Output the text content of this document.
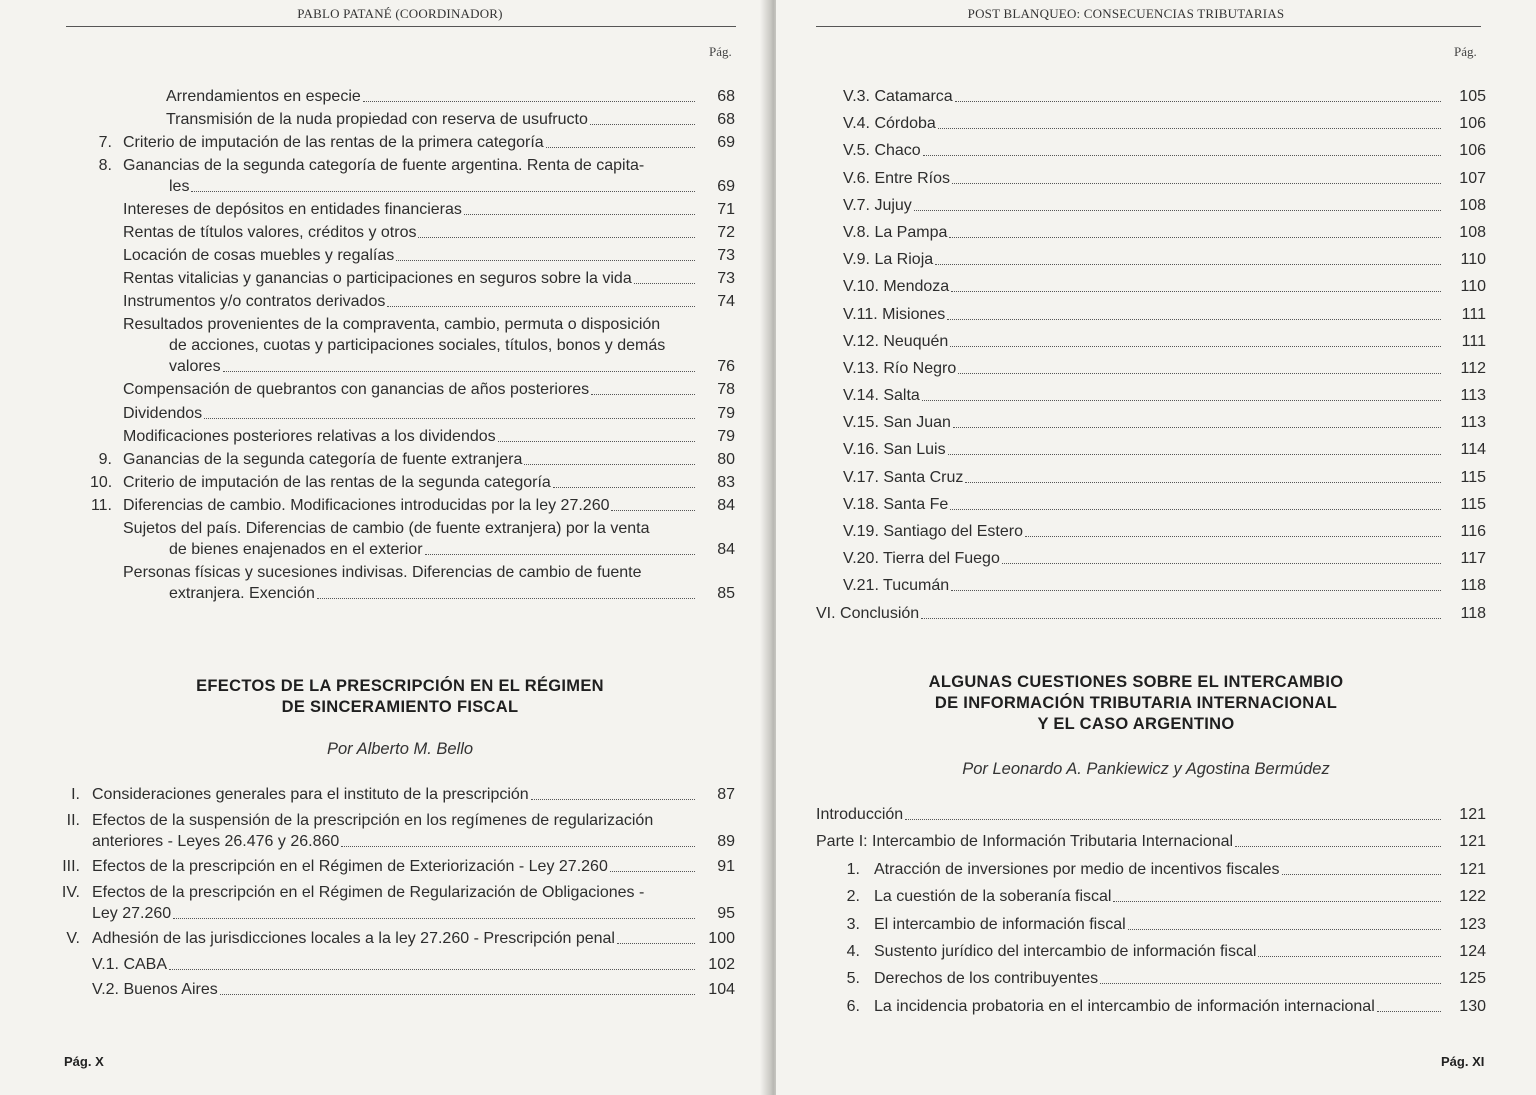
PABLO PATANÉ (COORDINADOR)
Pág.
Arrendamientos en especie	68
Transmisión de la nuda propiedad con reserva de usufructo	68
7. Criterio de imputación de las rentas de la primera categoría	69
8. Ganancias de la segunda categoría de fuente argentina. Renta de capita-
les	69
Intereses de depósitos en entidades financieras	71
Rentas de títulos valores, créditos y otros	72
Locación de cosas muebles y regalías	73
Rentas vitalicias y ganancias o participaciones en seguros sobre la vida	73
Instrumentos y/o contratos derivados	74
Resultados provenientes de la compraventa, cambio, permuta o disposición
de acciones, cuotas y participaciones sociales, títulos, bonos y demás
valores	76
Compensación de quebrantos con ganancias de años posteriores	78
Dividendos	79
Modificaciones posteriores relativas a los dividendos	79
9. Ganancias de la segunda categoría de fuente extranjera	80
10. Criterio de imputación de las rentas de la segunda categoría	83
11. Diferencias de cambio. Modificaciones introducidas por la ley 27.260	84
Sujetos del país. Diferencias de cambio (de fuente extranjera) por la venta
de bienes enajenados en el exterior	84
Personas físicas y sucesiones indivisas. Diferencias de cambio de fuente
extranjera. Exención	85
EFECTOS DE LA PRESCRIPCIÓN EN EL RÉGIMEN
DE SINCERAMIENTO FISCAL
Por Alberto M. Bello
I. Consideraciones generales para el instituto de la prescripción	87
II. Efectos de la suspensión de la prescripción en los regímenes de regularización
anteriores - Leyes 26.476 y 26.860	89
III. Efectos de la prescripción en el Régimen de Exteriorización - Ley 27.260	91
IV. Efectos de la prescripción en el Régimen de Regularización de Obligaciones -
Ley 27.260	95
V. Adhesión de las jurisdicciones locales a la ley 27.260 - Prescripción penal	100
V.1. CABA	102
V.2. Buenos Aires	104
Pág. X
POST BLANQUEO: CONSECUENCIAS TRIBUTARIAS
Pág.
V.3. Catamarca	105
V.4. Córdoba	106
V.5. Chaco	106
V.6. Entre Ríos	107
V.7. Jujuy	108
V.8. La Pampa	108
V.9. La Rioja	110
V.10. Mendoza	110
V.11. Misiones	111
V.12. Neuquén	111
V.13. Río Negro	112
V.14. Salta	113
V.15. San Juan	113
V.16. San Luis	114
V.17. Santa Cruz	115
V.18. Santa Fe	115
V.19. Santiago del Estero	116
V.20. Tierra del Fuego	117
V.21. Tucumán	118
VI. Conclusión	118
ALGUNAS CUESTIONES SOBRE EL INTERCAMBIO
DE INFORMACIÓN TRIBUTARIA INTERNACIONAL
Y EL CASO ARGENTINO
Por Leonardo A. Pankiewicz y Agostina Bermúdez
Introducción	121
Parte I: Intercambio de Información Tributaria Internacional	121
1. Atracción de inversiones por medio de incentivos fiscales	121
2. La cuestión de la soberanía fiscal	122
3. El intercambio de información fiscal	123
4. Sustento jurídico del intercambio de información fiscal	124
5. Derechos de los contribuyentes	125
6. La incidencia probatoria en el intercambio de información internacional	130
Pág. XI
